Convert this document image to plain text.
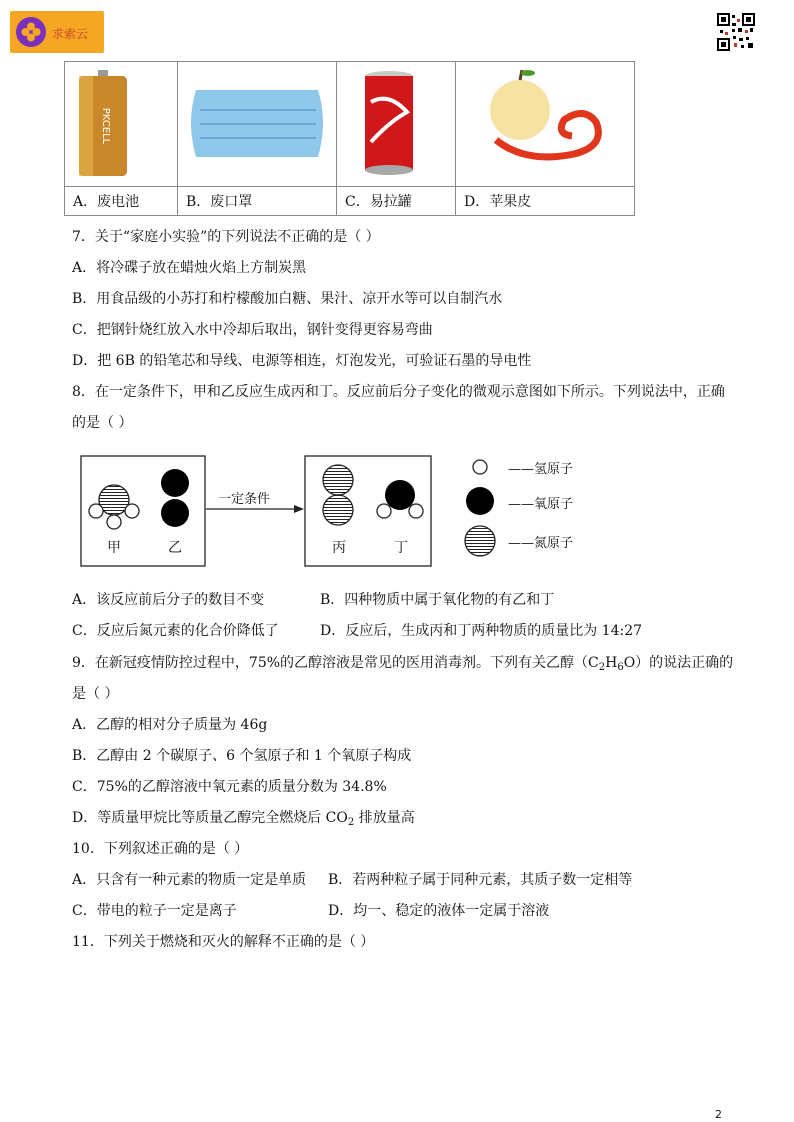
求索云
PKCELL

A．废电池	B．废口罩	C．易拉罐	D．苹果皮
7．关于“家庭小实验”的下列说法不正确的是（ ）
A．将冷碟子放在蜡烛火焰上方制炭黑
B．用食品级的小苏打和柠檬酸加白糖、果汁、凉开水等可以自制汽水
C．把钢针烧红放入水中冷却后取出，钢针变得更容易弯曲
D．把 6B 的铅笔芯和导线、电源等相连，灯泡发光，可验证石墨的导电性
8．在一定条件下，甲和乙反应生成丙和丁。反应前后分子变化的微观示意图如下所示。下列说法中，正确
的是（ ）
甲	乙
一定条件
丙	丁
——氢原子
——氧原子
——氮原子
A．该反应前后分子的数目不变	B．四种物质中属于氧化物的有乙和丁
C．反应后氮元素的化合价降低了	D．反应后，生成丙和丁两种物质的质量比为 14:27
9．在新冠疫情防控过程中，75%的乙醇溶液是常见的医用消毒剂。下列有关乙醇$(C_2H_6O)$的说法正确的
是（ ）
A．乙醇的相对分子质量为 46g
B．乙醇由 2 个碳原子、6 个氢原子和 1 个氧原子构成
C．75%的乙醇溶液中氧元素的质量分数为 34.8%
D．等质量甲烷比等质量乙醇完全燃烧后 $CO_2$ 排放量高
10．下列叙述正确的是（ ）
A．只含有一种元素的物质一定是单质 B．若两种粒子属于同种元素，其质子数一定相等
C．带电的粒子一定是离子	D．均一、稳定的液体一定属于溶液
11．下列关于燃烧和灭火的解释不正确的是（ ）
2
